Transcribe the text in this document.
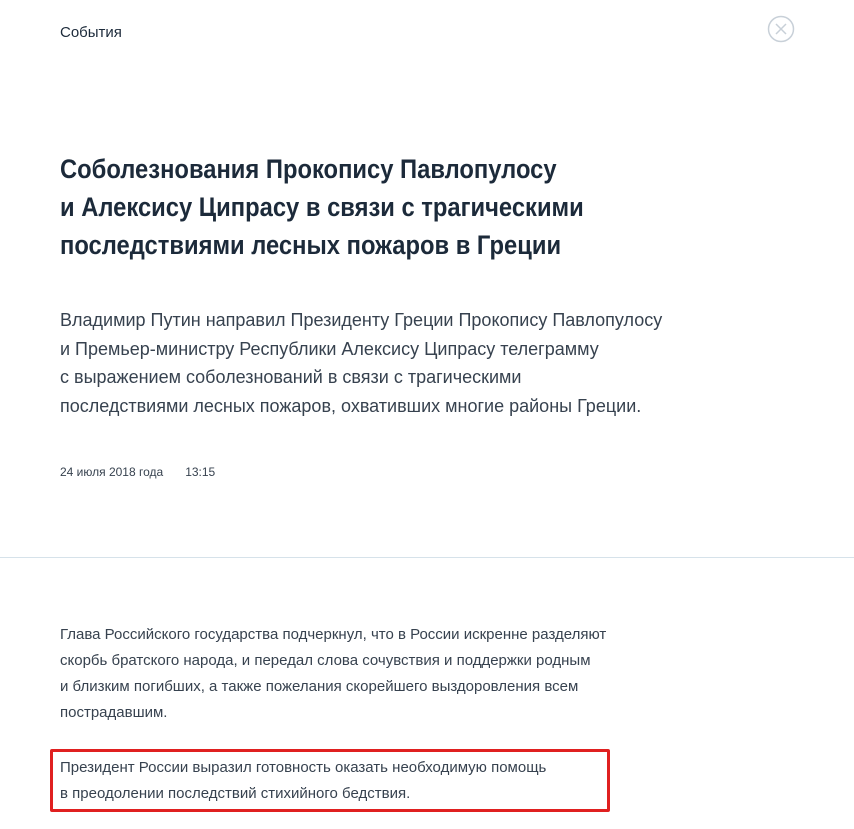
События
Соболезнования Прокопису Павлопулосу
и Алексису Ципрасу в связи с трагическими
последствиями лесных пожаров в Греции

Владимир Путин направил Президенту Греции Прокопису Павлопулосу
и Премьер-министру Республики Алексису Ципрасу телеграмму
с выражением соболезнований в связи с трагическими
последствиями лесных пожаров, охвативших многие районы Греции.

24 июля 2018 года 13:15

Глава Российского государства подчеркнул, что в России искренне разделяют
скорбь братского народа, и передал слова сочувствия и поддержки родным
и близким погибших, а также пожелания скорейшего выздоровления всем
пострадавшим.

Президент России выразил готовность оказать необходимую помощь
в преодолении последствий стихийного бедствия.
